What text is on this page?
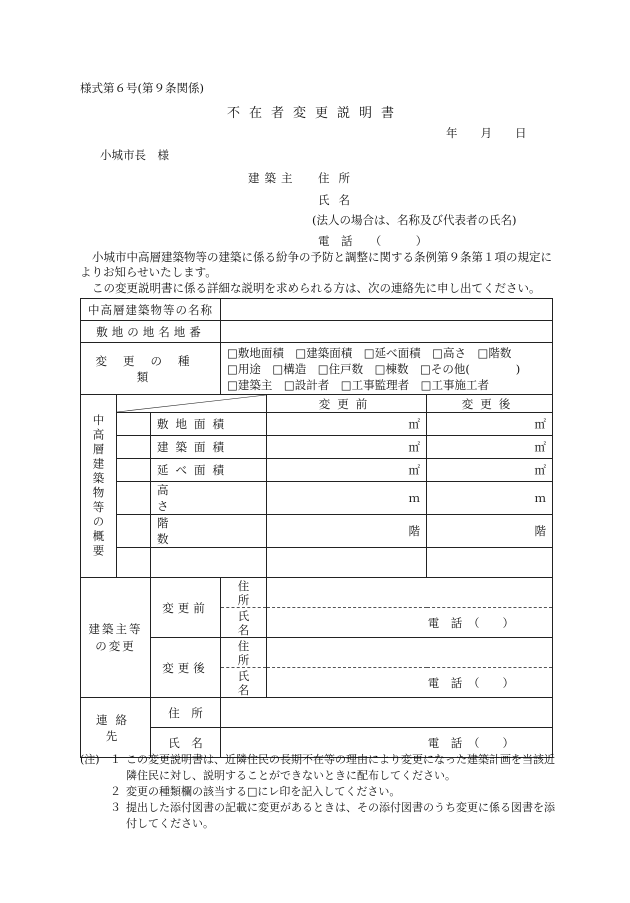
様式第６号(第９条関係)
不在者変更説明書
年　　月　　日
小城市長　様
建築主 住所
氏名
(法人の場合は、名称及び代表者の氏名)
電　話　　（　　　）
小城市中高層建築物等の建築に係る紛争の予防と調整に関する条例第９条第１項の規定によりお知らせいたします。
この変更説明書に係る詳細な説明を求められる方は、次の連絡先に申し出てください。
中高層建築物等の名称					
敷地の地名地番					
変更の種類			□敷地面積　□建築面積　□延べ面積　□高さ　□階数
□用途　□構造　□住戸数　□棟数　□その他(　　　　)
□建築主　□設計者　□工事監理者　□工事施工者		

中高層建築物等の概要				変更前	変更後
		敷地面積		㎡	㎡
		建築面積		㎡	㎡
		延べ面積		㎡	㎡
		高さ		ｍ	ｍ
		階数		階	階

建築主等の変更		変更前	住所		
			氏名	電　話　（　　）	
		変更後	住所		
			氏名	電　話　（　　）	
連絡先		住　所			
		氏　名	電　話　（　　）		
(注) １ この変更説明書は、近隣住民の長期不在等の理由により変更になった建築計画を当該近隣住民に対し、説明することができないときに配布してください。
２ 変更の種類欄の該当する□にレ印を記入してください。
３ 提出した添付図書の記載に変更があるときは、その添付図書のうち変更に係る図書を添付してください。
